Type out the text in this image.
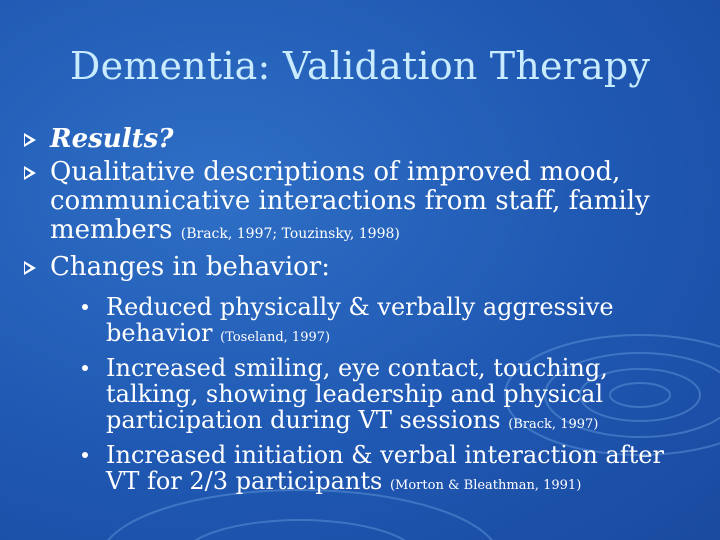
Dementia: Validation Therapy
Results?
Qualitative descriptions of improved mood, communicative interactions from staff, family members (Brack, 1997; Touzinsky, 1998)
Changes in behavior:
Reduced physically & verbally aggressive behavior (Toseland, 1997)
Increased smiling, eye contact, touching, talking, showing leadership and physical participation during VT sessions (Brack, 1997)
Increased initiation & verbal interaction after VT for 2/3 participants (Morton & Bleathman, 1991)
